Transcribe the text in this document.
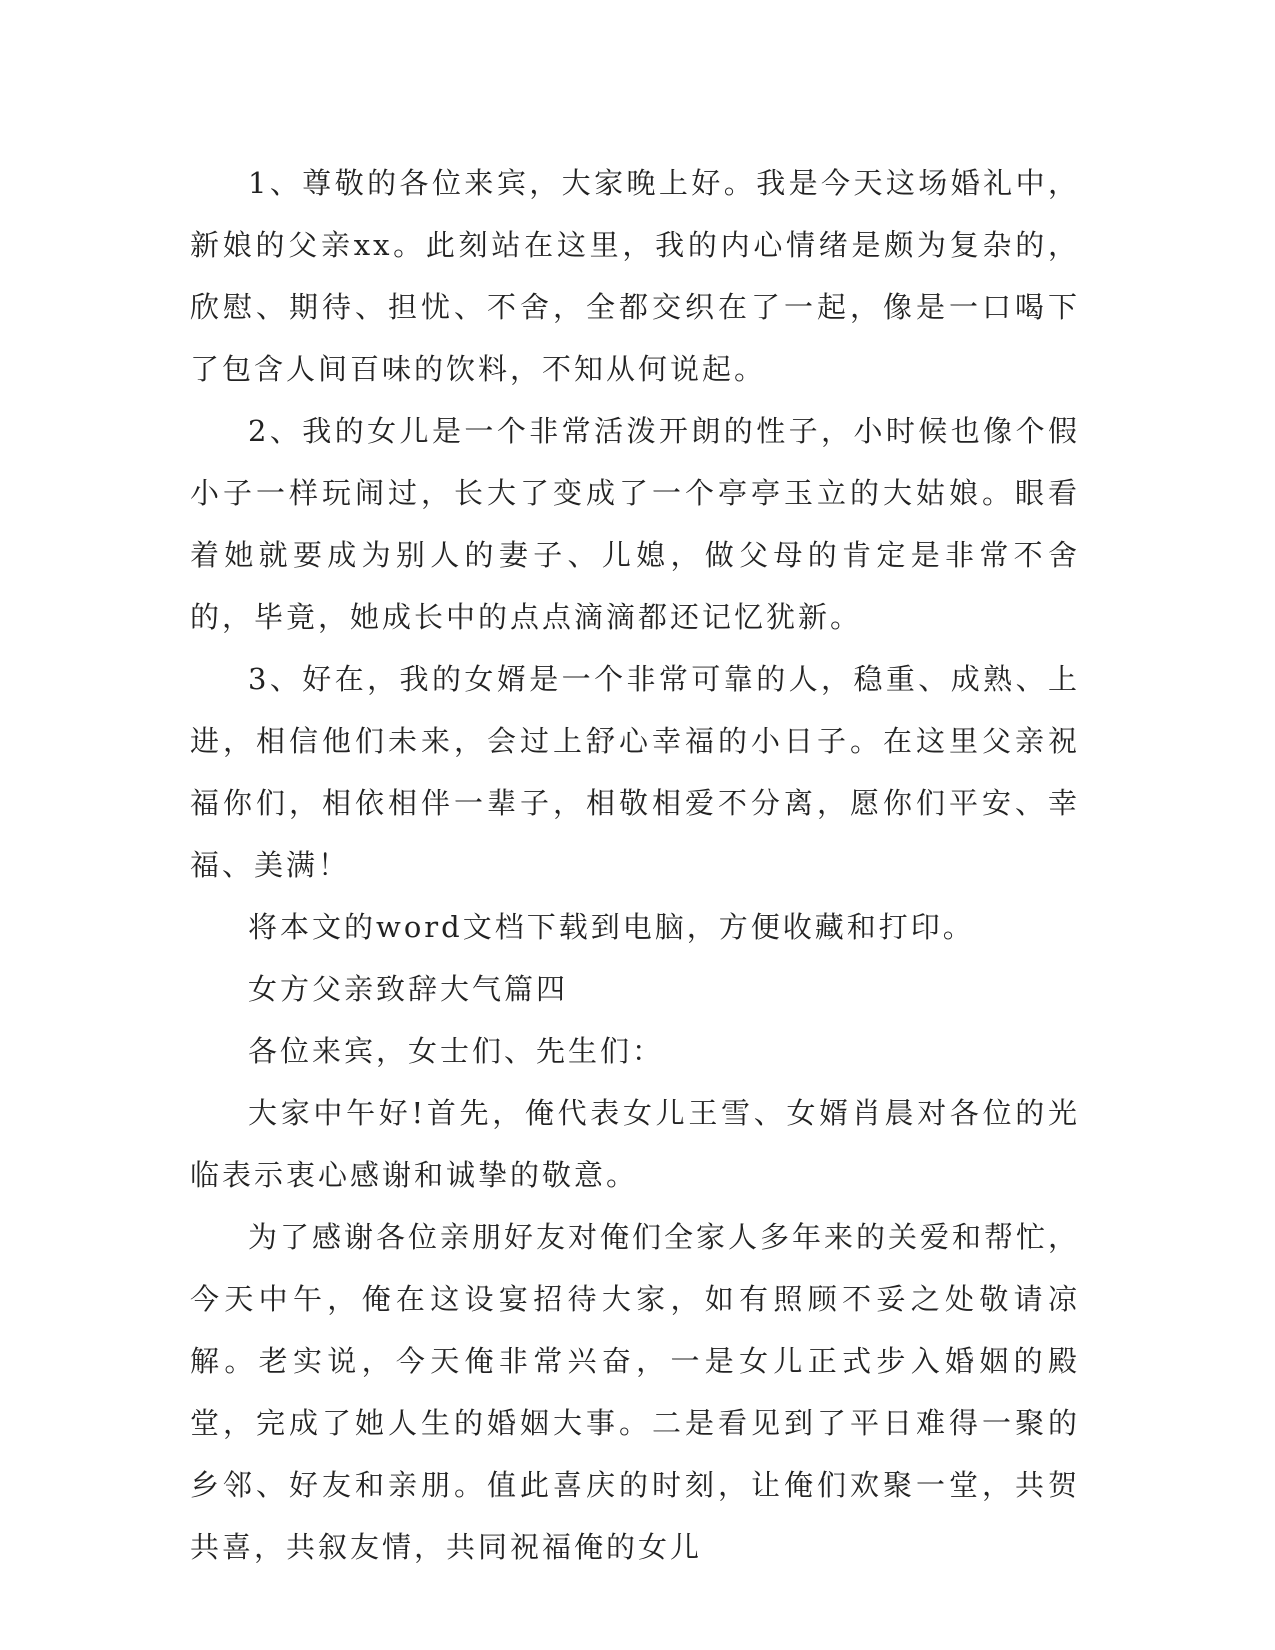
1、尊敬的各位来宾，大家晚上好。我是今天这场婚礼中，新娘的父亲xx。此刻站在这里，我的内心情绪是颇为复杂的，欣慰、期待、担忧、不舍，全都交织在了一起，像是一口喝下了包含人间百味的饮料，不知从何说起。

2、我的女儿是一个非常活泼开朗的性子，小时候也像个假小子一样玩闹过，长大了变成了一个亭亭玉立的大姑娘。眼看着她就要成为别人的妻子、儿媳，做父母的肯定是非常不舍的，毕竟，她成长中的点点滴滴都还记忆犹新。

3、好在，我的女婿是一个非常可靠的人，稳重、成熟、上进，相信他们未来，会过上舒心幸福的小日子。在这里父亲祝福你们，相依相伴一辈子，相敬相爱不分离，愿你们平安、幸福、美满！

将本文的word文档下载到电脑，方便收藏和打印。

女方父亲致辞大气篇四

各位来宾，女士们、先生们：

大家中午好!首先，俺代表女儿王雪、女婿肖晨对各位的光临表示衷心感谢和诚挚的敬意。

为了感谢各位亲朋好友对俺们全家人多年来的关爱和帮忙，今天中午，俺在这设宴招待大家，如有照顾不妥之处敬请凉解。老实说，今天俺非常兴奋，一是女儿正式步入婚姻的殿堂，完成了她人生的婚姻大事。二是看见到了平日难得一聚的乡邻、好友和亲朋。值此喜庆的时刻，让俺们欢聚一堂，共贺共喜，共叙友情，共同祝福俺的女儿
